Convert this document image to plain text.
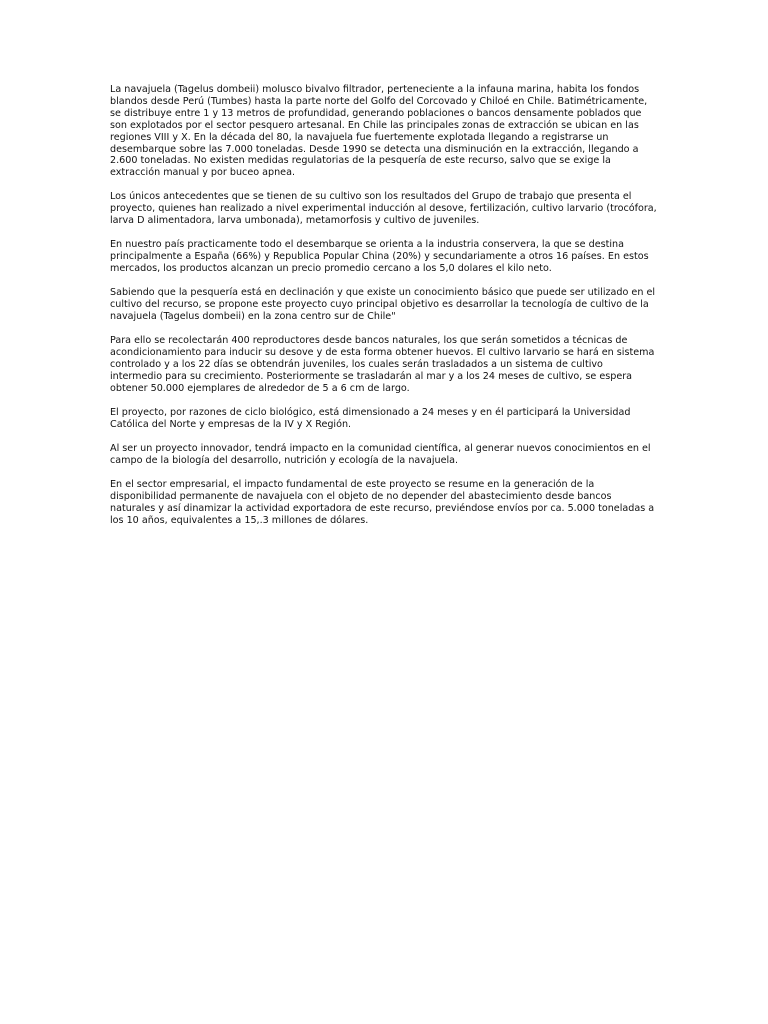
La navajuela (Tagelus dombeii) molusco bivalvo filtrador, perteneciente a la infauna marina, habita los fondos blandos desde Perú (Tumbes) hasta la parte norte del Golfo del Corcovado y Chiloé en Chile. Batimétricamente, se distribuye entre 1 y 13 metros de profundidad, generando poblaciones o bancos densamente poblados que son explotados por el sector pesquero artesanal. En Chile las principales zonas de extracción se ubican en las regiones VIII y X. En la década del 80, la navajuela fue fuertemente explotada llegando a registrarse un desembarque sobre las 7.000 toneladas. Desde 1990 se detecta una disminución en la extracción, llegando a 2.600 toneladas. No existen medidas regulatorias de la pesquería de este recurso, salvo que se exige la extracción manual y por buceo apnea.

Los únicos antecedentes que se tienen de su cultivo son los resultados del Grupo de trabajo que presenta el proyecto, quienes han realizado a nivel experimental inducción al desove, fertilización, cultivo larvario (trocófora, larva D alimentadora, larva umbonada), metamorfosis y cultivo de juveniles.

En nuestro país practicamente todo el desembarque se orienta a la industria conservera, la que se destina principalmente a España (66%) y Republica Popular China (20%) y secundariamente a otros 16 países. En estos mercados, los productos alcanzan un precio promedio cercano a los 5,0 dolares el kilo neto.

Sabiendo que la pesquería está en declinación y que existe un conocimiento básico que puede ser utilizado en el cultivo del recurso, se propone este proyecto cuyo principal objetivo es desarrollar la tecnología de cultivo de la navajuela (Tagelus dombeii) en la zona centro sur de Chile"

Para ello se recolectarán 400 reproductores desde bancos naturales, los que serán sometidos a técnicas de acondicionamiento para inducir su desove y de esta forma obtener huevos. El cultivo larvario se hará en sistema controlado y a los 22 días se obtendrán juveniles, los cuales serán trasladados a un sistema de cultivo intermedio para su crecimiento. Posteriormente se trasladarán al mar y a los 24 meses de cultivo, se espera obtener 50.000 ejemplares de alrededor de 5 a 6 cm de largo.

El proyecto, por razones de ciclo biológico, está dimensionado a 24 meses y en él participará la Universidad Católica del Norte y empresas de la IV y X Región.

Al ser un proyecto innovador, tendrá impacto en la comunidad científica, al generar nuevos conocimientos en el campo de la biología del desarrollo, nutrición y ecología de la navajuela.

En el sector empresarial, el impacto fundamental de este proyecto se resume en la generación de la disponibilidad permanente de navajuela con el objeto de no depender del abastecimiento desde bancos naturales y así dinamizar la actividad exportadora de este recurso, previéndose envíos por ca. 5.000 toneladas a los 10 años, equivalentes a 15,.3 millones de dólares.
